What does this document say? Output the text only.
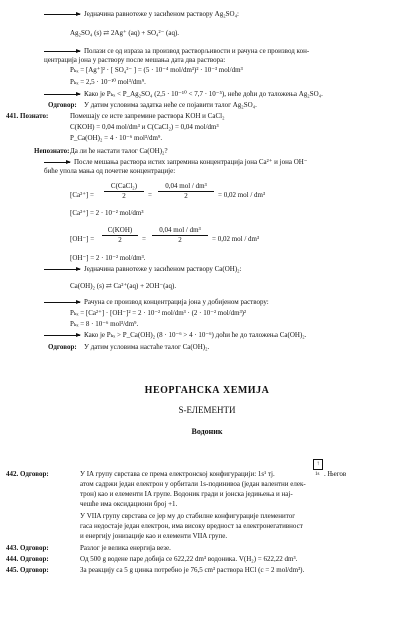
Једначина равнотеже у засићеном раствору Ag₂SO₄:
Ag₂SO₄ (s) ⇄ 2Ag⁺ (aq) + SO₄²⁻ (aq).
Полази се од израза за производ растворљивости и рачуна се производ кон-
центрација јона у раствору после мешања дата два раствора:
Pₖₓ = [Ag⁺]² · [ SO₄²⁻ ] = (5 · 10⁻⁴ mol/dm³)² · 10⁻³ mol/dm³
Pₖₓ = 2,5 · 10⁻¹⁰ mol³/dm⁹.
Како је Pₖₓ < P_Ag₂SO₄ (2,5 · 10⁻¹⁰ < 7,7 · 10⁻⁵), неће доћи до таложења Ag₂SO₄.
Одговор: У датим условима задатка неће се појавити талог Ag₂SO₄.
441. Познато:	Помешају се исте запремине раствора KOH и CaCl₂
C(KOH) = 0,04 mol/dm³ и C(CaCl₂) = 0,04 mol/dm³
P_Ca(OH)₂ = 4 · 10⁻⁶ mol³/dm⁹.
Непознато: Да ли ће настати талог Ca(OH)₂?
После мешања раствора истих запремина концентрација јона Ca²⁺ и јона OH⁻
биће упола мања од почетне концентрације:
[Ca²⁺] =
C(CaCl₂)
2	=
0,04 mol / dm³
2	= 0,02 mol / dm³
[Ca²⁺] = 2 · 10⁻² mol/dm³
[OH⁻] =
C(KOH)
2	=
0,04 mol / dm³
2	= 0,02 mol / dm³
[OH⁻] = 2 · 10⁻² mol/dm³.
Једначина равнотеже у засићеном раствору Ca(OH)₂:
Ca(OH)₂ (s) ⇄ Ca²⁺(aq) + 2OH⁻(aq).
Рачуна се производ концентрација јона у добијеном раствору:
Pₖₓ = [Ca²⁺] · [OH⁻]² = 2 · 10⁻² mol/dm³ · (2 · 10⁻² mol/dm³)²
Pₖₓ = 8 · 10⁻⁶ mol³/dm⁹.
Како је Pₖₓ > P_Ca(OH)₂ (8 · 10⁻⁶ > 4 · 10⁻⁶) доћи ће до таложења Ca(OH)₂.
Одговор: У датим условима настаће талог Ca(OH)₂.
НЕОРГАНСКА ХЕМИЈА
S-ЕЛЕМЕНТИ
Водоник
442. Одговор:	У IA групу сврстава се према електронској конфигурацији: 1s¹ тј.
↑
1s . Његов
атом садржи један електрон у орбитали 1s-подинивоа (један валентни елек-
трон) као и елементи IA групе. Водоник гради и јонска једињења и нај-
чешће има оксидациони број +1.
У VIIA групу сврстава се јер му до стабилне конфигурације племенитог
гаса недостаје један електрон, има високу вредност за електронегативност
и енергију јонизације као и елементи VIIA групе.
443. Одговор:	Разлог је велика енергија везе.
444. Одговор:	Од 500 g водене паре добија се 622,22 dm³ водоника. V(H₂) = 622,22 dm³.
445. Одговор:	За реакцију са 5 g цинка потребно је 76,5 cm³ раствора HCl (c = 2 mol/dm³).
